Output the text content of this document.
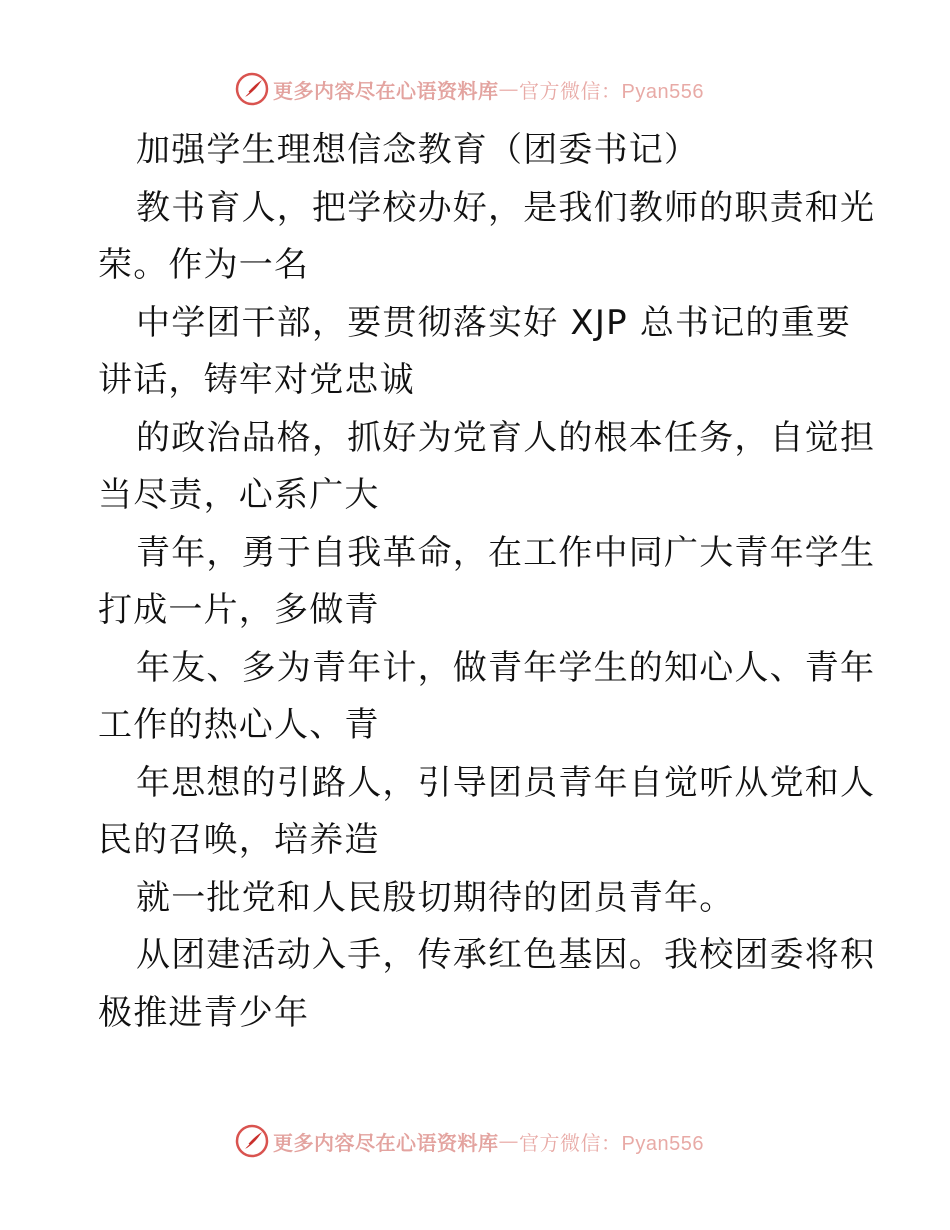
更多内容尽在心语资料库 — 官方微信：Pyan556
加强学生理想信念教育（团委书记）
教书育人，把学校办好，是我们教师的职责和光
荣。作为一名
中学团干部，要贯彻落实好 XJP 总书记的重要
讲话，铸牢对党忠诚
的政治品格，抓好为党育人的根本任务，自觉担
当尽责，心系广大
青年，勇于自我革命，在工作中同广大青年学生
打成一片，多做青
年友、多为青年计，做青年学生的知心人、青年
工作的热心人、青
年思想的引路人，引导团员青年自觉听从党和人
民的召唤，培养造
就一批党和人民殷切期待的团员青年。
从团建活动入手，传承红色基因。我校团委将积
极推进青少年
更多内容尽在心语资料库 — 官方微信：Pyan556
